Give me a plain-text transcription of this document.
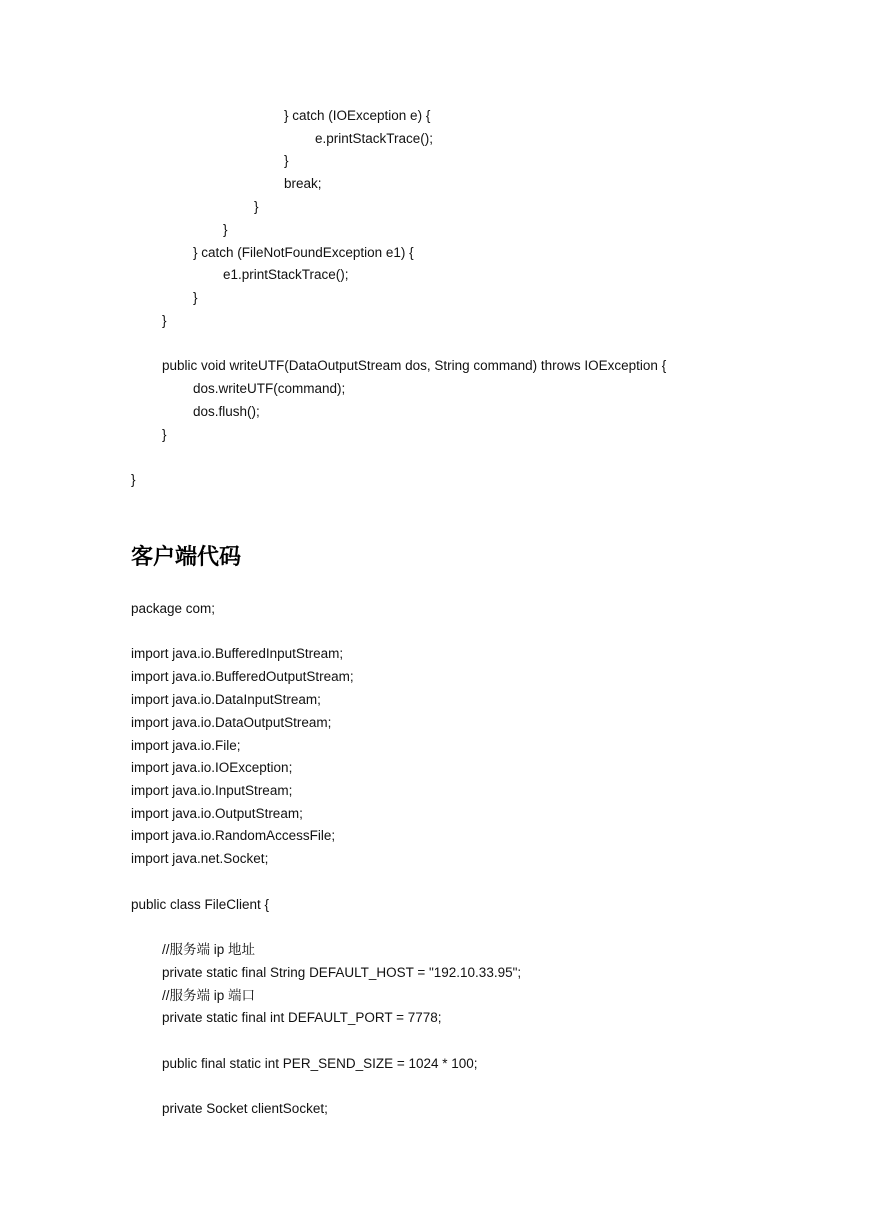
} catch (IOException e) {
e.printStackTrace();
}
break;
}
}
} catch (FileNotFoundException e1) {
e1.printStackTrace();
}
}
public void writeUTF(DataOutputStream dos, String command) throws IOException {
dos.writeUTF(command);
dos.flush();
}
}
客户端代码
package com;
import java.io.BufferedInputStream;
import java.io.BufferedOutputStream;
import java.io.DataInputStream;
import java.io.DataOutputStream;
import java.io.File;
import java.io.IOException;
import java.io.InputStream;
import java.io.OutputStream;
import java.io.RandomAccessFile;
import java.net.Socket;
public class FileClient {
//服务端 ip 地址
private static final String DEFAULT_HOST = "192.10.33.95";
//服务端 ip 端口
private static final int DEFAULT_PORT = 7778;
public final static int PER_SEND_SIZE = 1024 * 100;
private Socket clientSocket;
